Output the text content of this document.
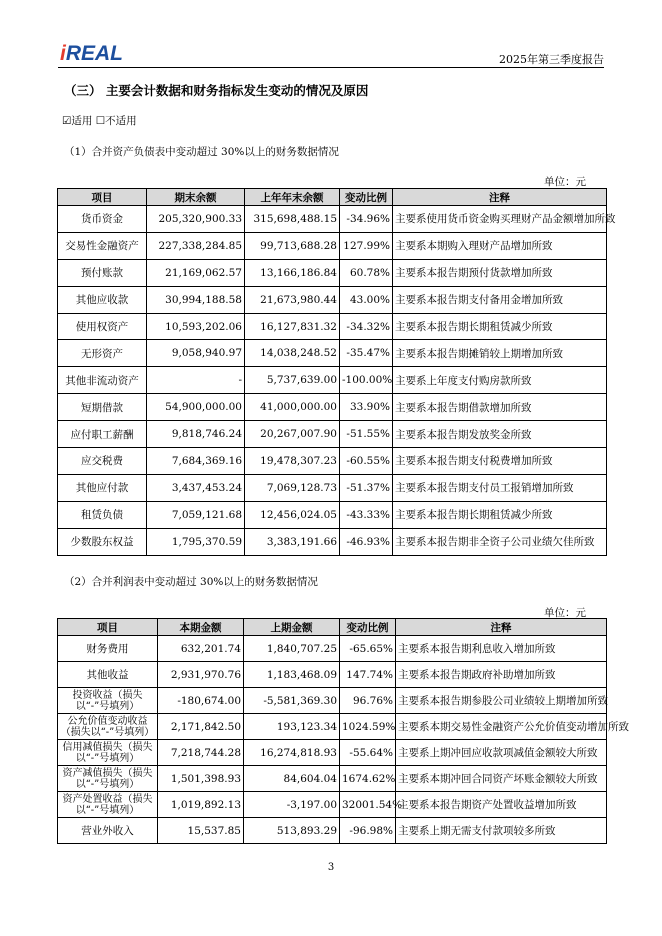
iREAL	2025年第三季度报告
（三） 主要会计数据和财务指标发生变动的情况及原因
☑适用 ☐不适用
（1）合并资产负债表中变动超过 30%以上的财务数据情况
单位：元
项目	期末余额	上年年末余额	变动比例	注释
货币资金	205,320,900.33	315,698,488.15	-34.96%	主要系使用货币资金购买理财产品金额增加所致
交易性金融资产	227,338,284.85	99,713,688.28	127.99%	主要系本期购入理财产品增加所致
预付账款	21,169,062.57	13,166,186.84	60.78%	主要系本报告期预付货款增加所致
其他应收款	30,994,188.58	21,673,980.44	43.00%	主要系本报告期支付备用金增加所致
使用权资产	10,593,202.06	16,127,831.32	-34.32%	主要系本报告期长期租赁减少所致
无形资产	9,058,940.97	14,038,248.52	-35.47%	主要系本报告期摊销较上期增加所致
其他非流动资产	-	5,737,639.00	-100.00%	主要系上年度支付购房款所致
短期借款	54,900,000.00	41,000,000.00	33.90%	主要系本报告期借款增加所致
应付职工薪酬	9,818,746.24	20,267,007.90	-51.55%	主要系本报告期发放奖金所致
应交税费	7,684,369.16	19,478,307.23	-60.55%	主要系本报告期支付税费增加所致
其他应付款	3,437,453.24	7,069,128.73	-51.37%	主要系本报告期支付员工报销增加所致
租赁负债	7,059,121.68	12,456,024.05	-43.33%	主要系本报告期长期租赁减少所致
少数股东权益	1,795,370.59	3,383,191.66	-46.93%	主要系本报告期非全资子公司业绩欠佳所致
（2）合并利润表中变动超过 30%以上的财务数据情况
单位：元
项目	本期金额	上期金额	变动比例	注释
财务费用	632,201.74	1,840,707.25	-65.65%	主要系本报告期利息收入增加所致
其他收益	2,931,970.76	1,183,468.09	147.74%	主要系本报告期政府补助增加所致
投资收益（损失以“-”号填列）	-180,674.00	-5,581,369.30	96.76%	主要系本报告期参股公司业绩较上期增加所致
公允价值变动收益（损失以“-”号填列）	2,171,842.50	193,123.34	1024.59%	主要系本期交易性金融资产公允价值变动增加所致
信用减值损失（损失以“-”号填列）	7,218,744.28	16,274,818.93	-55.64%	主要系上期冲回应收款项减值金额较大所致
资产减值损失（损失以“-”号填列）	1,501,398.93	84,604.04	1674.62%	主要系本期冲回合同资产坏账金额较大所致
资产处置收益（损失以“-”号填列）	1,019,892.13	-3,197.00	32001.54%	主要系本报告期资产处置收益增加所致
营业外收入	15,537.85	513,893.29	-96.98%	主要系上期无需支付款项较多所致
3
